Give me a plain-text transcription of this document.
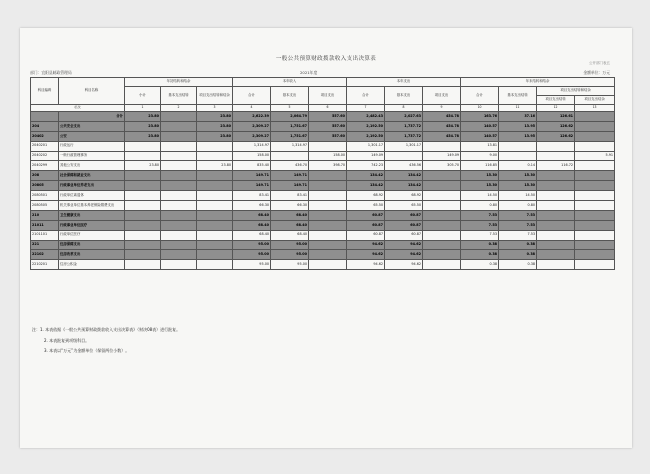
一般公共预算财政拨款收入支出决算表
公开部门表五
部门：宜阳县邮政管理局	2021年度	金额单位：万元
科目编码	科目名称	年初结转和结余			本年收入			本年支出			年末结转和结余			
		小计	基本支出结转	项目支出结转和结余	合计	基本支出	项目支出	合计	基本支出	项目支出	合计	基本支出结转	项目支出结转和结余	
													项目支出结转	项目支出结余
栏次		1	2	3	4	5	6	7	8	9	10	11	12	13
	合计	23.80		23.80	2,622.39	2,064.79	557.60	2,482.43	2,027.63	454.78	163.76	37.16	126.61	
204	公共安全支出	23.80		23.80	2,309.27	1,751.67	557.60	2,192.50	1,737.72	454.78	140.57	13.95	126.62	
20402	公安	23.80		23.80	2,309.27	1,751.67	557.60	2,192.50	1,737.72	454.78	140.57	13.95	126.62	
2040201	行政运行				1,314.97	1,314.97		1,301.17	1,301.17		13.81			
2040202	一般行政管理事务				158.00		158.00	149.09		149.09	9.00			5.91
2040299	其他公安支出	23.80		23.80	835.40	436.70	398.70	742.23	436.56	305.70	116.85	0.14	116.72	
208	社会保障和就业支出				149.71	149.71		134.42	134.42		15.30	15.30		
20805	行政事业单位养老支出				149.71	149.71		134.42	134.42		15.30	15.30		
2080501	行政单位离退休				83.41	83.41		68.92	68.92		14.50	14.50		
2080505	机关事业单位基本养老保险缴费支出				66.30	66.30		65.50	65.50		0.80	0.80		
210	卫生健康支出				68.40	68.40		60.87	60.87		7.53	7.53		
21011	行政事业单位医疗				68.40	68.40		60.87	60.87		7.53	7.53		
2101101	行政单位医疗				68.40	68.40		60.87	60.87		7.53	7.53		
221	住房保障支出				95.00	95.00		94.62	94.62		0.38	0.38		
22102	住房改革支出				95.00	95.00		94.62	94.62		0.38	0.38		
2210201	住房公积金				95.00	95.00		94.62	94.62		0.38	0.38		
注：1. 本表依据《一般公共预算财政拨款收入支出决算表》（财决08表）进行批复。
2. 本表批复到项级科目。
3. 本表以“万元”为金额单位（保留两位小数）。
